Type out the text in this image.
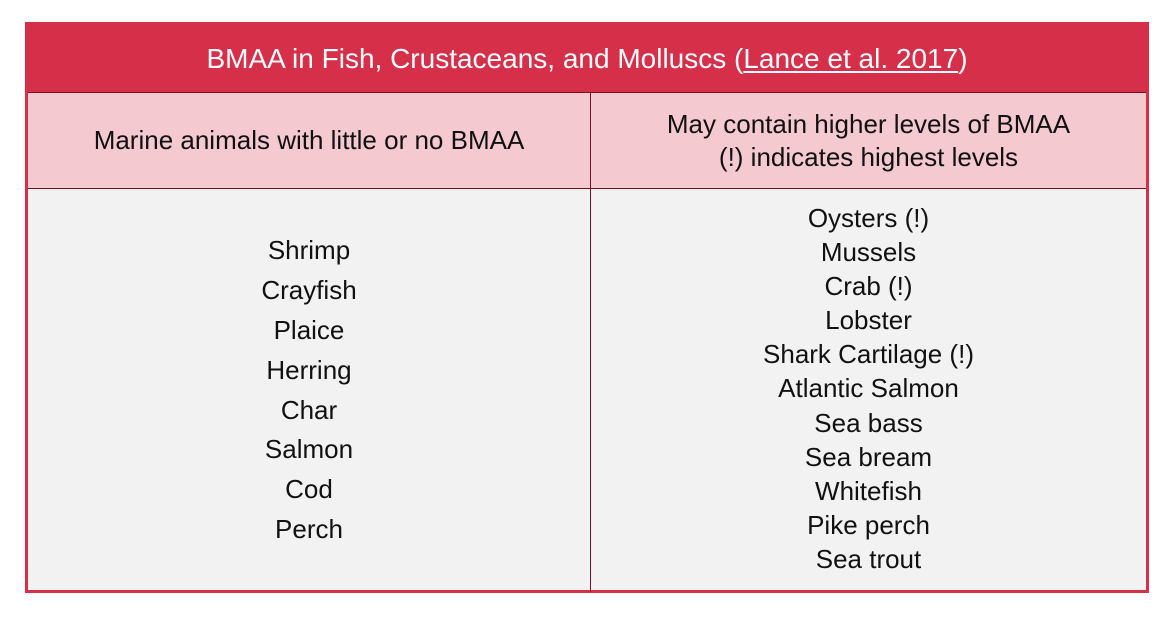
BMAA in Fish, Crustaceans, and Molluscs ( Lance et al. 2017 )
Marine animals with little or no BMAA
May contain higher levels of BMAA
(!) indicates highest levels
Shrimp
Crayfish
Plaice
Herring
Char
Salmon
Cod
Perch
Oysters (!)
Mussels
Crab (!)
Lobster
Shark Cartilage (!)
Atlantic Salmon
Sea bass
Sea bream
Whitefish
Pike perch
Sea trout
